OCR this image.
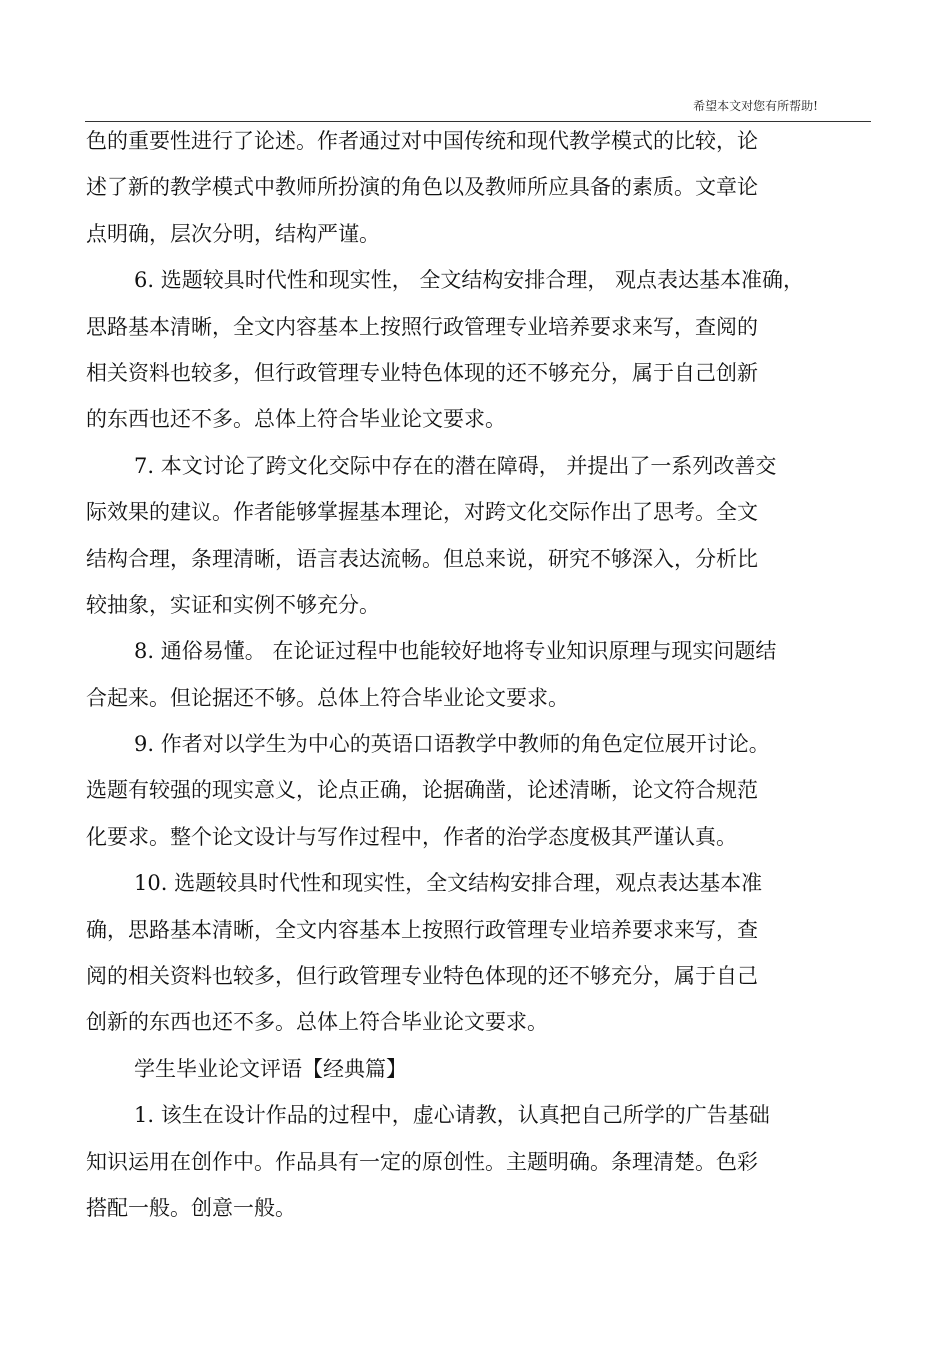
希望本文对您有所帮助!
色的重要性进行了论述。作者通过对中国传统和现代教学模式的比较，论
述了新的教学模式中教师所扮演的角色以及教师所应具备的素质。文章论
点明确，层次分明，结构严谨。
6. 选题较具时代性和现实性， 全文结构安排合理， 观点表达基本准确，
思路基本清晰，全文内容基本上按照行政管理专业培养要求来写，查阅的
相关资料也较多，但行政管理专业特色体现的还不够充分，属于自己创新
的东西也还不多。总体上符合毕业论文要求。
7. 本文讨论了跨文化交际中存在的潜在障碍， 并提出了一系列改善交
际效果的建议。作者能够掌握基本理论，对跨文化交际作出了思考。全文
结构合理，条理清晰，语言表达流畅。但总来说，研究不够深入，分析比
较抽象，实证和实例不够充分。
8. 通俗易懂。 在论证过程中也能较好地将专业知识原理与现实问题结
合起来。但论据还不够。总体上符合毕业论文要求。
9. 作者对以学生为中心的英语口语教学中教师的角色定位展开讨论。
选题有较强的现实意义，论点正确，论据确凿，论述清晰，论文符合规范
化要求。整个论文设计与写作过程中，作者的治学态度极其严谨认真。
10. 选题较具时代性和现实性，全文结构安排合理，观点表达基本准
确，思路基本清晰，全文内容基本上按照行政管理专业培养要求来写，查
阅的相关资料也较多，但行政管理专业特色体现的还不够充分，属于自己
创新的东西也还不多。总体上符合毕业论文要求。
学生毕业论文评语【经典篇】
1. 该生在设计作品的过程中，虚心请教，认真把自己所学的广告基础
知识运用在创作中。作品具有一定的原创性。主题明确。条理清楚。色彩
搭配一般。创意一般。
